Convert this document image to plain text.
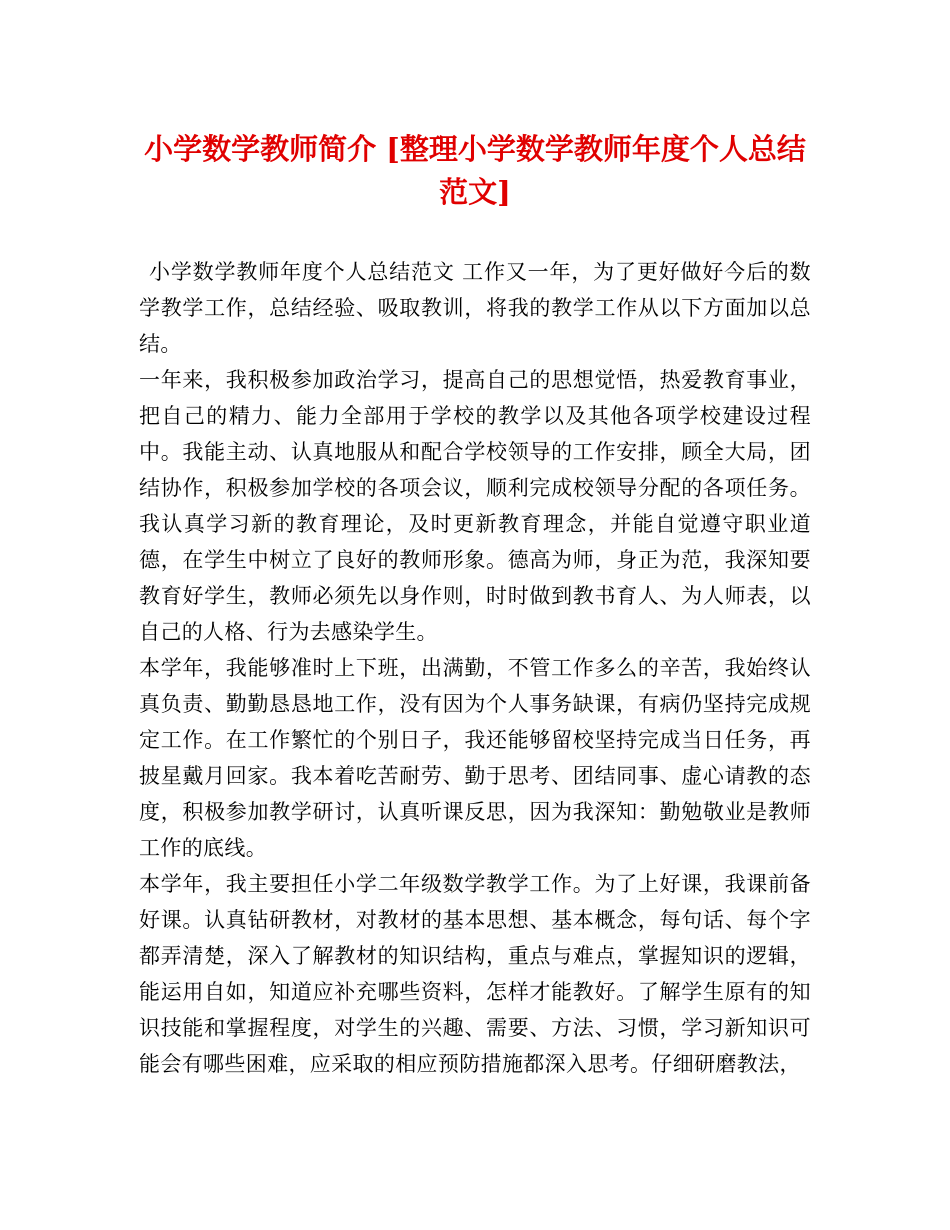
小学数学教师简介 [整理小学数学教师年度个人总结范文]

小学数学教师年度个人总结范文 工作又一年，为了更好做好今后的数学教学工作，总结经验、吸取教训，将我的教学工作从以下方面加以总结。

一年来，我积极参加政治学习，提高自己的思想觉悟，热爱教育事业，把自己的精力、能力全部用于学校的教学以及其他各项学校建设过程中。我能主动、认真地服从和配合学校领导的工作安排，顾全大局，团结协作，积极参加学校的各项会议，顺利完成校领导分配的各项任务。我认真学习新的教育理论，及时更新教育理念，并能自觉遵守职业道德，在学生中树立了良好的教师形象。德高为师，身正为范，我深知要教育好学生，教师必须先以身作则，时时做到教书育人、为人师表，以自己的人格、行为去感染学生。

本学年，我能够准时上下班，出满勤，不管工作多么的辛苦，我始终认真负责、勤勤恳恳地工作，没有因为个人事务缺课，有病仍坚持完成规定工作。在工作繁忙的个别日子，我还能够留校坚持完成当日任务，再披星戴月回家。我本着吃苦耐劳、勤于思考、团结同事、虚心请教的态度，积极参加教学研讨，认真听课反思，因为我深知：勤勉敬业是教师工作的底线。

本学年，我主要担任小学二年级数学教学工作。为了上好课，我课前备好课。认真钻研教材，对教材的基本思想、基本概念，每句话、每个字都弄清楚，深入了解教材的知识结构，重点与难点，掌握知识的逻辑，能运用自如，知道应补充哪些资料，怎样才能教好。了解学生原有的知识技能和掌握程度，对学生的兴趣、需要、方法、习惯，学习新知识可能会有哪些困难，应采取的相应预防措施都深入思考。仔细研磨教法，
